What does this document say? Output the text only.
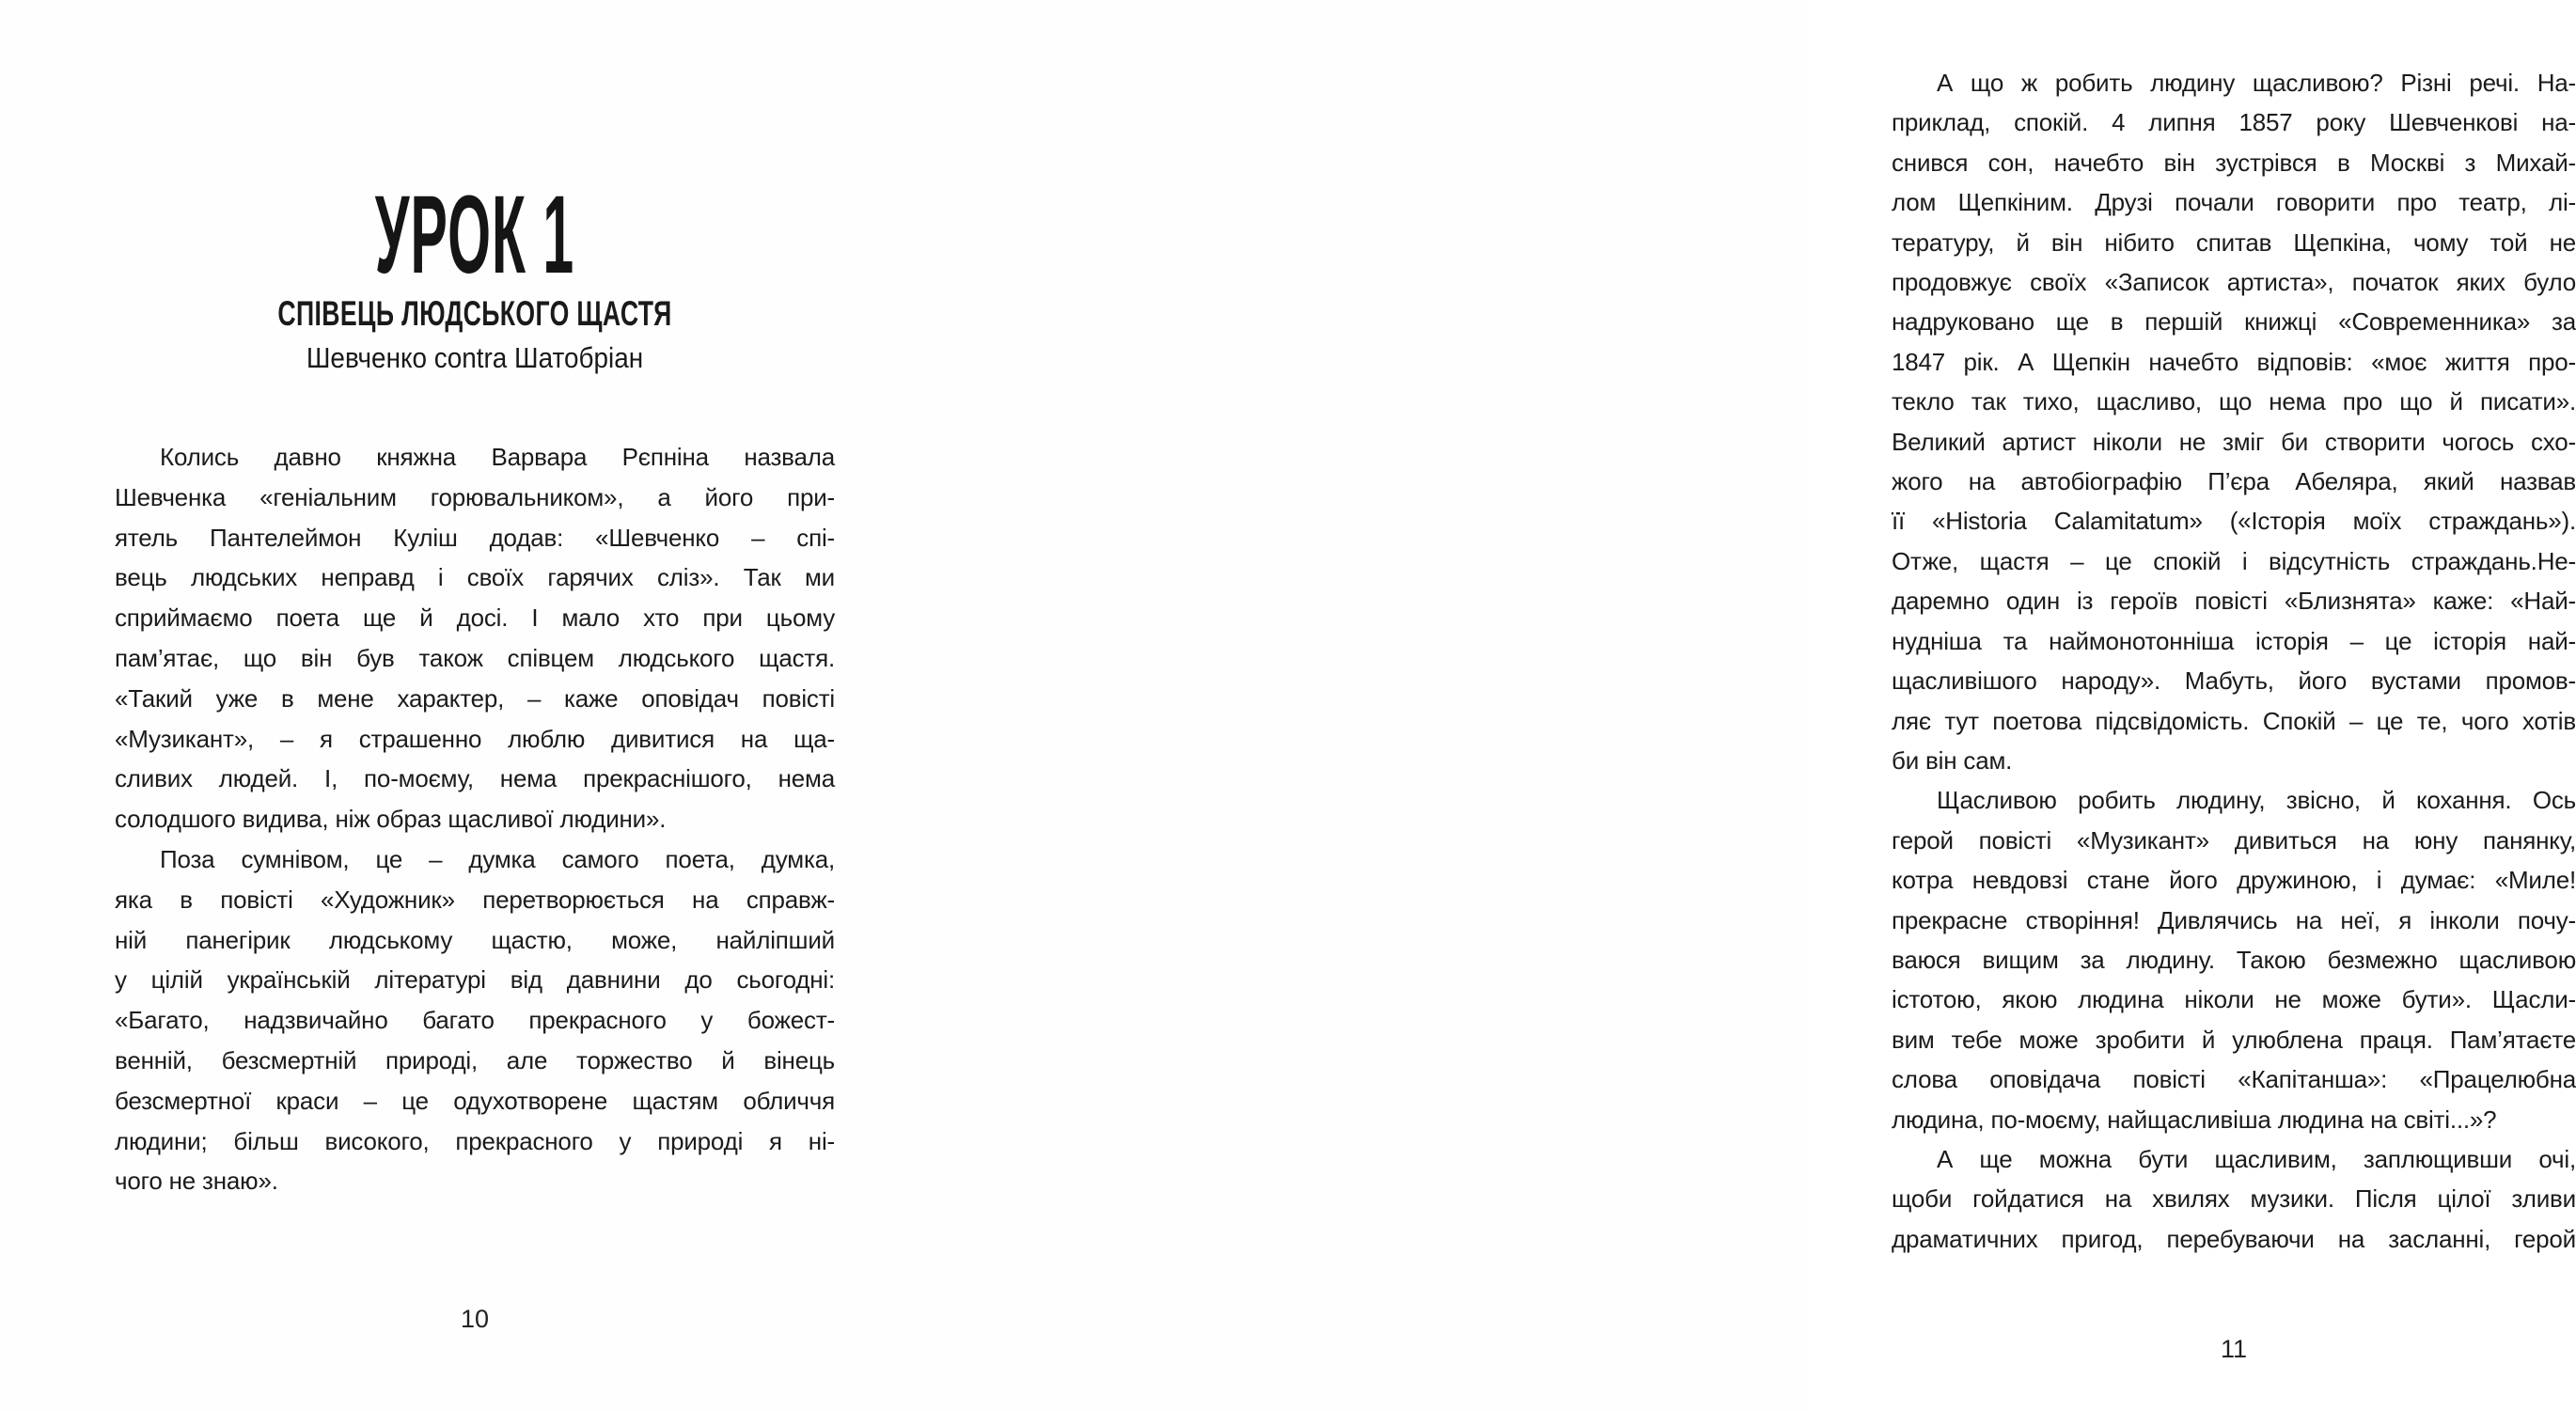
УРОК 1
СПІВЕЦЬ ЛЮДСЬКОГО ЩАСТЯ
Шевченко contra Шатобріан
Колись давно княжна Варвара Рєпніна назвала
Шевченка «геніальним горювальником», а його при-
ятель Пантелеймон Куліш додав: «Шевченко – спі-
вець людських неправд і своїх гарячих сліз». Так ми
сприймаємо поета ще й досі. І мало хто при цьому
пам’ятає, що він був також співцем людського щастя.
«Такий уже в мене характер, – каже оповідач повісті
«Музикант», – я страшенно люблю дивитися на ща-
сливих людей. І, по-моєму, нема прекраснішого, нема
солодшого видива, ніж образ щасливої людини».
Поза сумнівом, це – думка самого поета, думка,
яка в повісті «Художник» перетворюється на справж-
ній панегірик людському щастю, може, найліпший
у цілій українській літературі від давнини до сьогодні:
«Багато, надзвичайно багато прекрасного у божест-
венній, безсмертній природі, але торжество й вінець
безсмертної краси – це одухотворене щастям обличчя
людини; більш високого, прекрасного у природі я ні-
чого не знаю».
10
А що ж робить людину щасливою? Різні речі. На-
приклад, спокій. 4 липня 1857 року Шевченкові на-
снився сон, начебто він зустрівся в Москві з Михай-
лом Щепкіним. Друзі почали говорити про театр, лі-
тературу, й він нібито спитав Щепкіна, чому той не
продовжує своїх «Записок артиста», початок яких було
надруковано ще в першій книжці «Современника» за
1847 рік. А Щепкін начебто відповів: «моє життя про-
текло так тихо, щасливо, що нема про що й писати».
Великий артист ніколи не зміг би створити чогось схо-
жого на автобіографію П’єра Абеляра, який назвав
її «Historia Calamitatum» («Історія моїх страждань»).
Отже, щастя – це спокій і відсутність страждань.Не-
даремно один із героїв повісті «Близнята» каже: «Най-
нудніша та наймонотонніша історія – це історія най-
щасливішого народу». Мабуть, його вустами промов-
ляє тут поетова підсвідомість. Спокій – це те, чого хотів
би він сам.
Щасливою робить людину, звісно, й кохання. Ось
герой повісті «Музикант» дивиться на юну панянку,
котра невдовзі стане його дружиною, і думає: «Миле!
прекрасне створіння! Дивлячись на неї, я інколи почу-
ваюся вищим за людину. Такою безмежно щасливою
істотою, якою людина ніколи не може бути». Щасли-
вим тебе може зробити й улюблена праця. Пам’ятаєте
слова оповідача повісті «Капітанша»: «Працелюбна
людина, по-моєму, найщасливіша людина на світі...»?
А ще можна бути щасливим, заплющивши очі,
щоби гойдатися на хвилях музики. Після цілої зливи
драматичних пригод, перебуваючи на засланні, герой
11
